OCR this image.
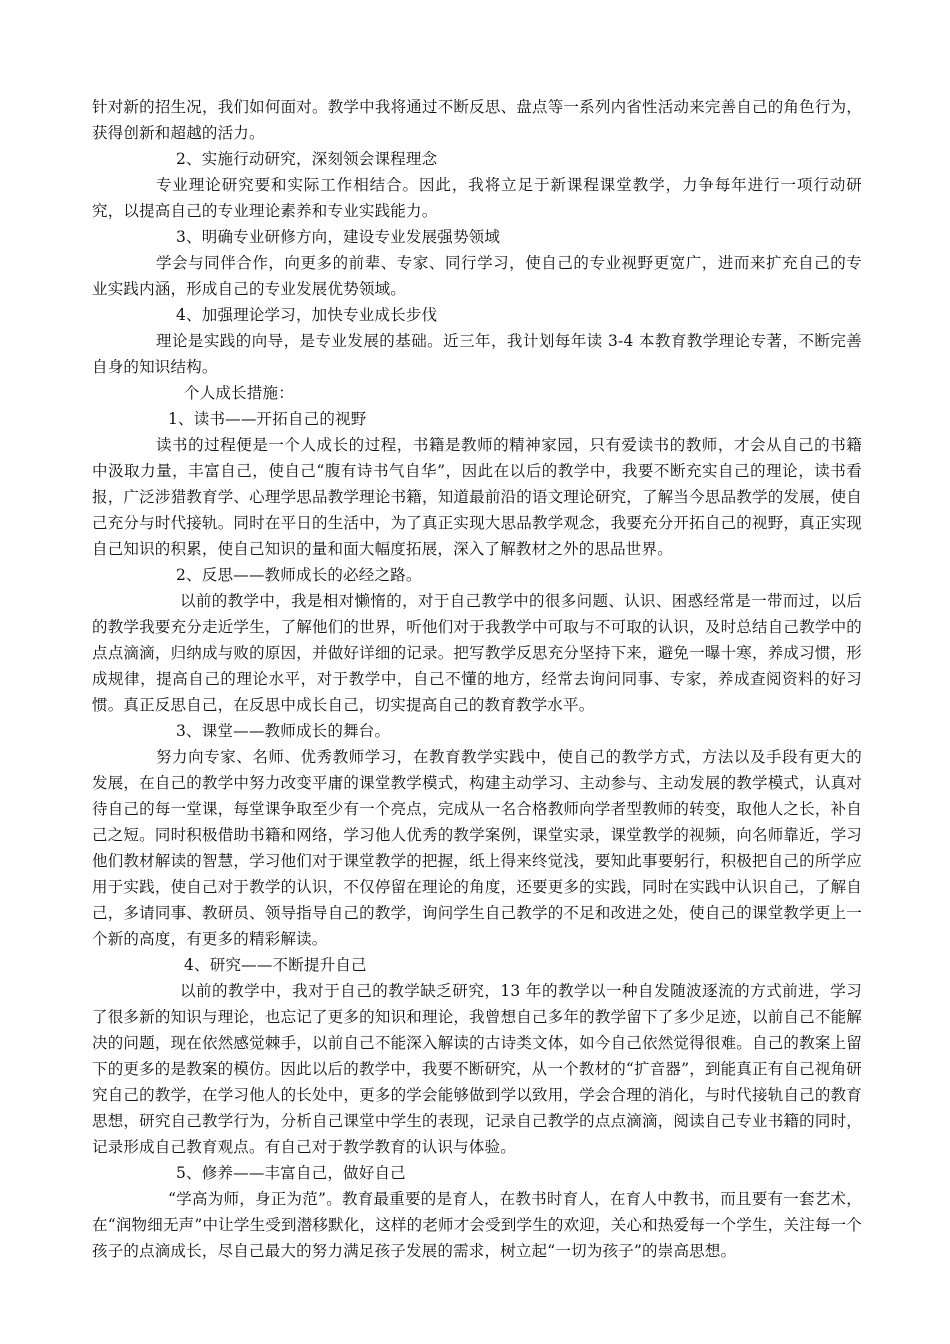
针对新的招生况，我们如何面对。教学中我将通过不断反思、盘点等一系列内省性活动来完善自己的角色行为，获得创新和超越的活力。

2、实施行动研究，深刻领会课程理念

专业理论研究要和实际工作相结合。因此，我将立足于新课程课堂教学，力争每年进行一项行动研究，以提高自己的专业理论素养和专业实践能力。

3、明确专业研修方向，建设专业发展强势领域

学会与同伴合作，向更多的前辈、专家、同行学习，使自己的专业视野更宽广，进而来扩充自己的专业实践内涵，形成自己的专业发展优势领域。

4、加强理论学习，加快专业成长步伐

理论是实践的向导，是专业发展的基础。近三年，我计划每年读 3-4 本教育教学理论专著，不断完善自身的知识结构。

个人成长措施：

1、读书——开拓自己的视野

读书的过程便是一个人成长的过程，书籍是教师的精神家园，只有爱读书的教师，才会从自己的书籍中汲取力量，丰富自己，使自己“腹有诗书气自华”，因此在以后的教学中，我要不断充实自己的理论，读书看报，广泛涉猎教育学、心理学思品教学理论书籍，知道最前沿的语文理论研究，了解当今思品教学的发展，使自己充分与时代接轨。同时在平日的生活中，为了真正实现大思品教学观念，我要充分开拓自己的视野，真正实现自己知识的积累，使自己知识的量和面大幅度拓展，深入了解教材之外的思品世界。

2、反思——教师成长的必经之路。

以前的教学中，我是相对懒惰的，对于自己教学中的很多问题、认识、困惑经常是一带而过，以后的教学我要充分走近学生，了解他们的世界，听他们对于我教学中可取与不可取的认识，及时总结自己教学中的点点滴滴，归纳成与败的原因，并做好详细的记录。把写教学反思充分坚持下来，避免一曝十寒，养成习惯，形成规律，提高自己的理论水平，对于教学中，自己不懂的地方，经常去询问同事、专家，养成查阅资料的好习惯。真正反思自己，在反思中成长自己，切实提高自己的教育教学水平。

3、课堂——教师成长的舞台。

努力向专家、名师、优秀教师学习，在教育教学实践中，使自己的教学方式，方法以及手段有更大的发展，在自己的教学中努力改变平庸的课堂教学模式，构建主动学习、主动参与、主动发展的教学模式，认真对待自己的每一堂课，每堂课争取至少有一个亮点，完成从一名合格教师向学者型教师的转变，取他人之长，补自己之短。同时积极借助书籍和网络，学习他人优秀的教学案例，课堂实录，课堂教学的视频，向名师靠近，学习他们教材解读的智慧，学习他们对于课堂教学的把握，纸上得来终觉浅，要知此事要躬行，积极把自己的所学应用于实践，使自己对于教学的认识，不仅停留在理论的角度，还要更多的实践，同时在实践中认识自己，了解自己，多请同事、教研员、领导指导自己的教学，询问学生自己教学的不足和改进之处，使自己的课堂教学更上一个新的高度，有更多的精彩解读。

4、研究——不断提升自己

以前的教学中，我对于自己的教学缺乏研究，13 年的教学以一种自发随波逐流的方式前进，学习了很多新的知识与理论，也忘记了更多的知识和理论，我曾想自己多年的教学留下了多少足迹，以前自己不能解决的问题，现在依然感觉棘手，以前自己不能深入解读的古诗类文体，如今自己依然觉得很难。自己的教案上留下的更多的是教案的模仿。因此以后的教学中，我要不断研究，从一个教材的“扩音器”，到能真正有自己视角研究自己的教学，在学习他人的长处中，更多的学会能够做到学以致用，学会合理的消化，与时代接轨自己的教育思想，研究自己教学行为，分析自己课堂中学生的表现，记录自己教学的点点滴滴，阅读自己专业书籍的同时，记录形成自己教育观点。有自己对于教学教育的认识与体验。

5、修养——丰富自己，做好自己

“学高为师，身正为范”。教育最重要的是育人，在教书时育人，在育人中教书，而且要有一套艺术，在“润物细无声”中让学生受到潜移默化，这样的老师才会受到学生的欢迎，关心和热爱每一个学生，关注每一个孩子的点滴成长，尽自己最大的努力满足孩子发展的需求，树立起“一切为孩子”的崇高思想。
